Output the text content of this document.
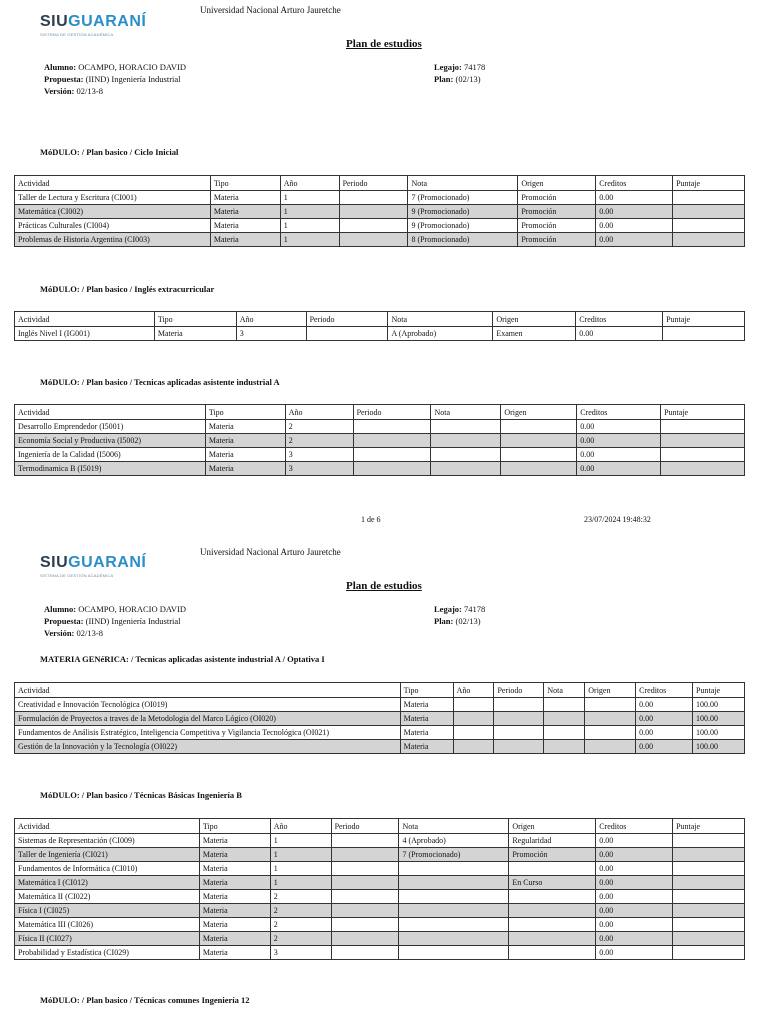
SIUGUARANÍ
SISTEMA DE GESTIÓN ACADÉMICA
Universidad Nacional Arturo Jauretche
Plan de estudios
Alumno: OCAMPO, HORACIO DAVID
Propuesta: (IIND) Ingeniería Industrial
Versión: 02/13-8
Legajo: 74178
Plan: (02/13)
MóDULO: / Plan basico / Ciclo Inicial
Actividad	Tipo	Año	Periodo	Nota	Origen	Creditos	Puntaje
Taller de Lectura y Escritura (CI001)	Materia	1		7 (Promocionado)	Promoción	0.00	
Matemática (CI002)	Materia	1		9 (Promocionado)	Promoción	0.00	
Prácticas Culturales (CI004)	Materia	1		9 (Promocionado)	Promoción	0.00	
Problemas de Historia Argentina (CI003)	Materia	1		8 (Promocionado)	Promoción	0.00	
MóDULO: / Plan basico / Inglés extracurricular
Actividad	Tipo	Año	Periodo	Nota	Origen	Creditos	Puntaje
Inglés Nivel I (IG001)	Materia	3		A (Aprobado)	Examen	0.00	
MóDULO: / Plan basico / Tecnicas aplicadas asistente industrial A
Actividad	Tipo	Año	Periodo	Nota	Origen	Creditos	Puntaje
Desarrollo Emprendedor (I5001)	Materia	2				0.00	
Economía Social y Productiva (I5002)	Materia	2				0.00	
Ingeniería de la Calidad (I5006)	Materia	3				0.00	
Termodinamica B (I5019)	Materia	3				0.00	
1 de 6	23/07/2024 19:48:32
SIUGUARANÍ
SISTEMA DE GESTIÓN ACADÉMICA
Universidad Nacional Arturo Jauretche
Plan de estudios
Alumno: OCAMPO, HORACIO DAVID
Propuesta: (IIND) Ingeniería Industrial
Versión: 02/13-8
Legajo: 74178
Plan: (02/13)
MATERIA GENéRICA: / Tecnicas aplicadas asistente industrial A / Optativa I
Actividad	Tipo	Año	Periodo	Nota	Origen	Creditos	Puntaje
Creatividad e Innovación Tecnológica (OI019)	Materia					0.00	100.00
Formulación de Proyectos a traves de la Metodologia del Marco Lógico (OI020)	Materia					0.00	100.00
Fundamentos de Análisis Estratégico, Inteligencia Competitiva y Vigilancia Tecnológica (OI021)	Materia					0.00	100.00
Gestión de la Innovación y la Tecnología (OI022)	Materia					0.00	100.00
MóDULO: / Plan basico / Técnicas Básicas Ingeniería B
Actividad	Tipo	Año	Periodo	Nota	Origen	Creditos	Puntaje
Sistemas de Representación (CI009)	Materia	1		4 (Aprobado)	Regularidad	0.00	
Taller de Ingeniería (CI021)	Materia	1		7 (Promocionado)	Promoción	0.00	
Fundamentos de Informática (CI010)	Materia	1				0.00	
Matemática I (CI012)	Materia	1			En Curso	0.00	
Matemática II (CI022)	Materia	2				0.00	
Física I (CI025)	Materia	2				0.00	
Matemática III (CI026)	Materia	2				0.00	
Física II (CI027)	Materia	2				0.00	
Probabilidad y Estadística (CI029)	Materia	3				0.00	
MóDULO: / Plan basico / Técnicas comunes Ingeniería 12
